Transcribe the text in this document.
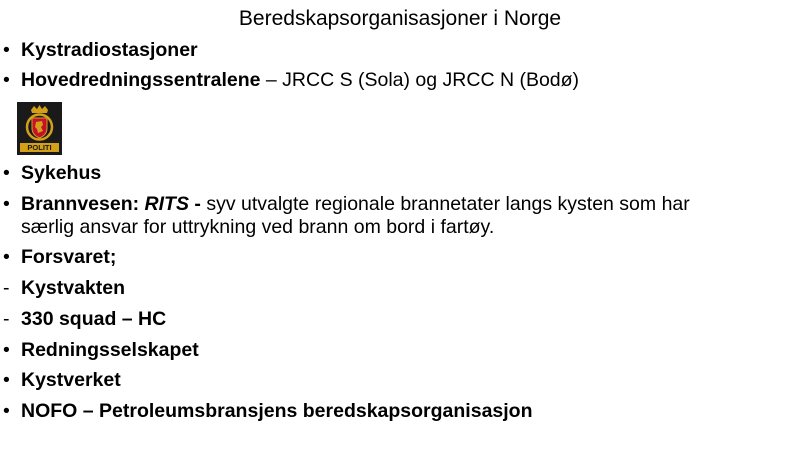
Beredskapsorganisasjoner i Norge
• Kystradiostasjoner
• Hovedredningssentralene – JRCC S (Sola) og JRCC N (Bodø)
POLITI
• Sykehus
• Brannvesen: RITS - syv utvalgte regionale brannetater langs kysten som har
særlig ansvar for uttrykning ved brann om bord i fartøy.
• Forsvaret;
- Kystvakten
- 330 squad – HC
• Redningsselskapet
• Kystverket
• NOFO – Petroleumsbransjens beredskapsorganisasjon
